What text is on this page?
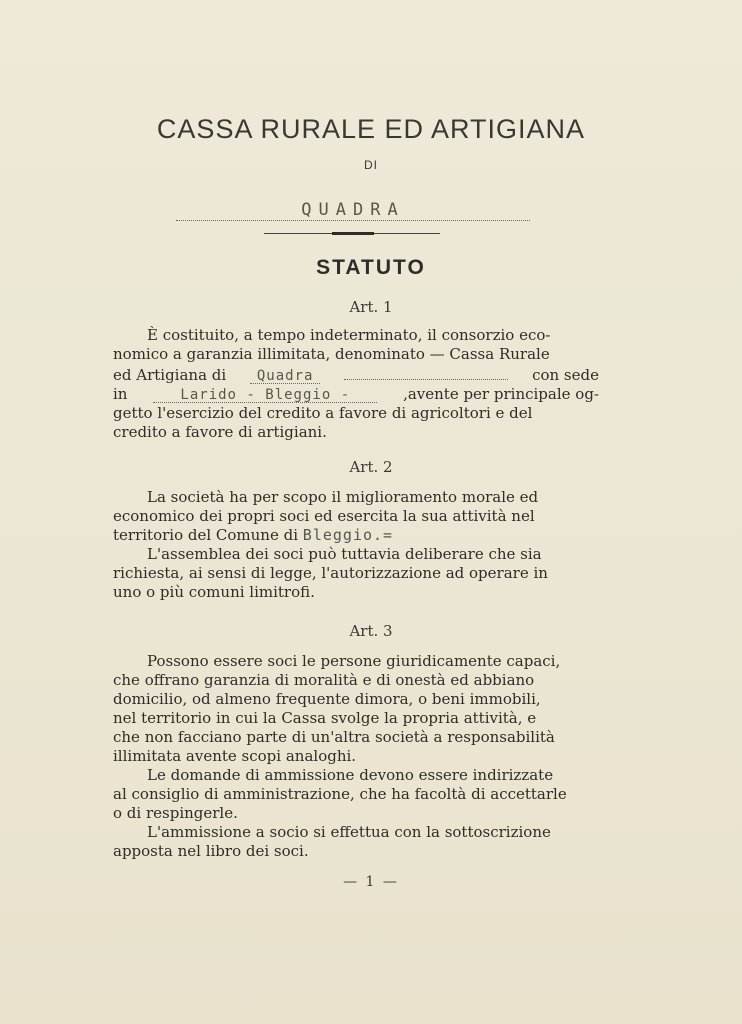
CASSA RURALE ED ARTIGIANA
DI
QUADRA
STATUTO
Art. 1
È costituito, a tempo indeterminato, il consorzio eco-
nomico a garanzia illimitata, denominato — Cassa Rurale
ed Artigiana di	Quadra	con sede
in	Larido - Bleggio -	,avente per principale og-
getto l'esercizio del credito a favore di agricoltori e del
credito a favore di artigiani.
Art. 2
La società ha per scopo il miglioramento morale ed
economico dei propri soci ed esercita la sua attività nel
territorio del Comune di Bleggio.=
L'assemblea dei soci può tuttavia deliberare che sia
richiesta, ai sensi di legge, l'autorizzazione ad operare in
uno o più comuni limitrofi.
Art. 3
Possono essere soci le persone giuridicamente capaci,
che offrano garanzia di moralità e di onestà ed abbiano
domicilio, od almeno frequente dimora, o beni immobili,
nel territorio in cui la Cassa svolge la propria attività, e
che non facciano parte di un'altra società a responsabilità
illimitata avente scopi analoghi.
Le domande di ammissione devono essere indirizzate
al consiglio di amministrazione, che ha facoltà di accettarle
o di respingerle.
L'ammissione a socio si effettua con la sottoscrizione
apposta nel libro dei soci.
— 1 —
